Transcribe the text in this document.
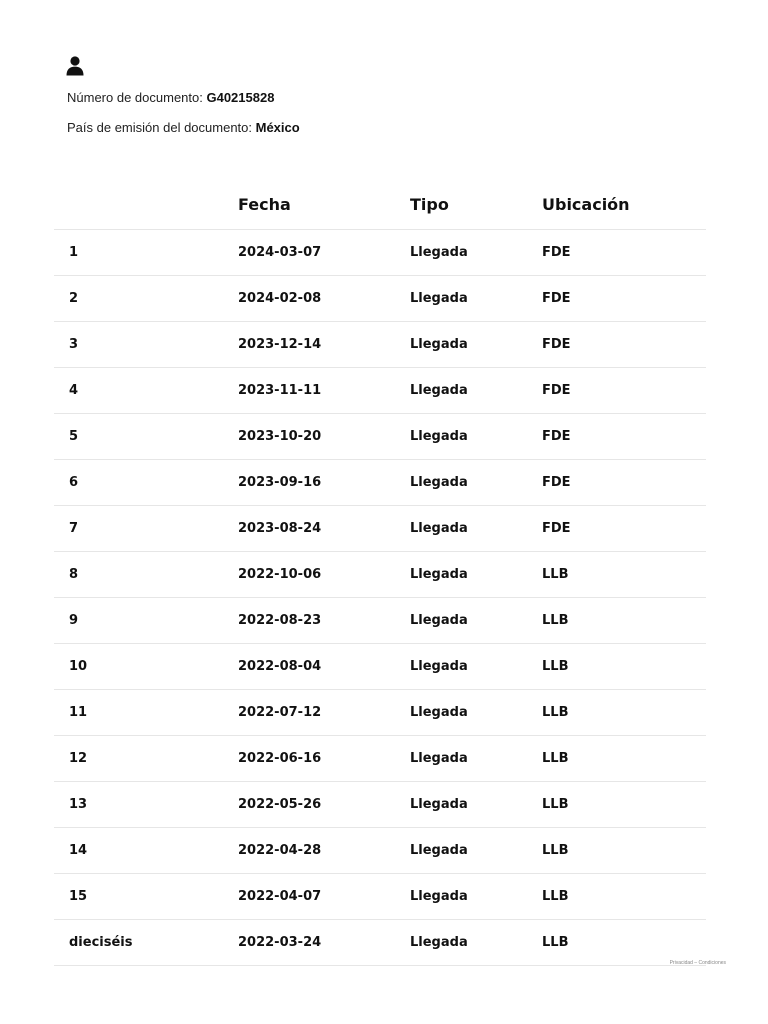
Número de documento: G40215828
País de emisión del documento: México
	Fecha	Tipo	Ubicación
1	2024-03-07	Llegada	FDE
2	2024-02-08	Llegada	FDE
3	2023-12-14	Llegada	FDE
4	2023-11-11	Llegada	FDE
5	2023-10-20	Llegada	FDE
6	2023-09-16	Llegada	FDE
7	2023-08-24	Llegada	FDE
8	2022-10-06	Llegada	LLB
9	2022-08-23	Llegada	LLB
10	2022-08-04	Llegada	LLB
11	2022-07-12	Llegada	LLB
12	2022-06-16	Llegada	LLB
13	2022-05-26	Llegada	LLB
14	2022-04-28	Llegada	LLB
15	2022-04-07	Llegada	LLB
dieciséis	2022-03-24	Llegada	LLB
Privacidad – Condiciones
